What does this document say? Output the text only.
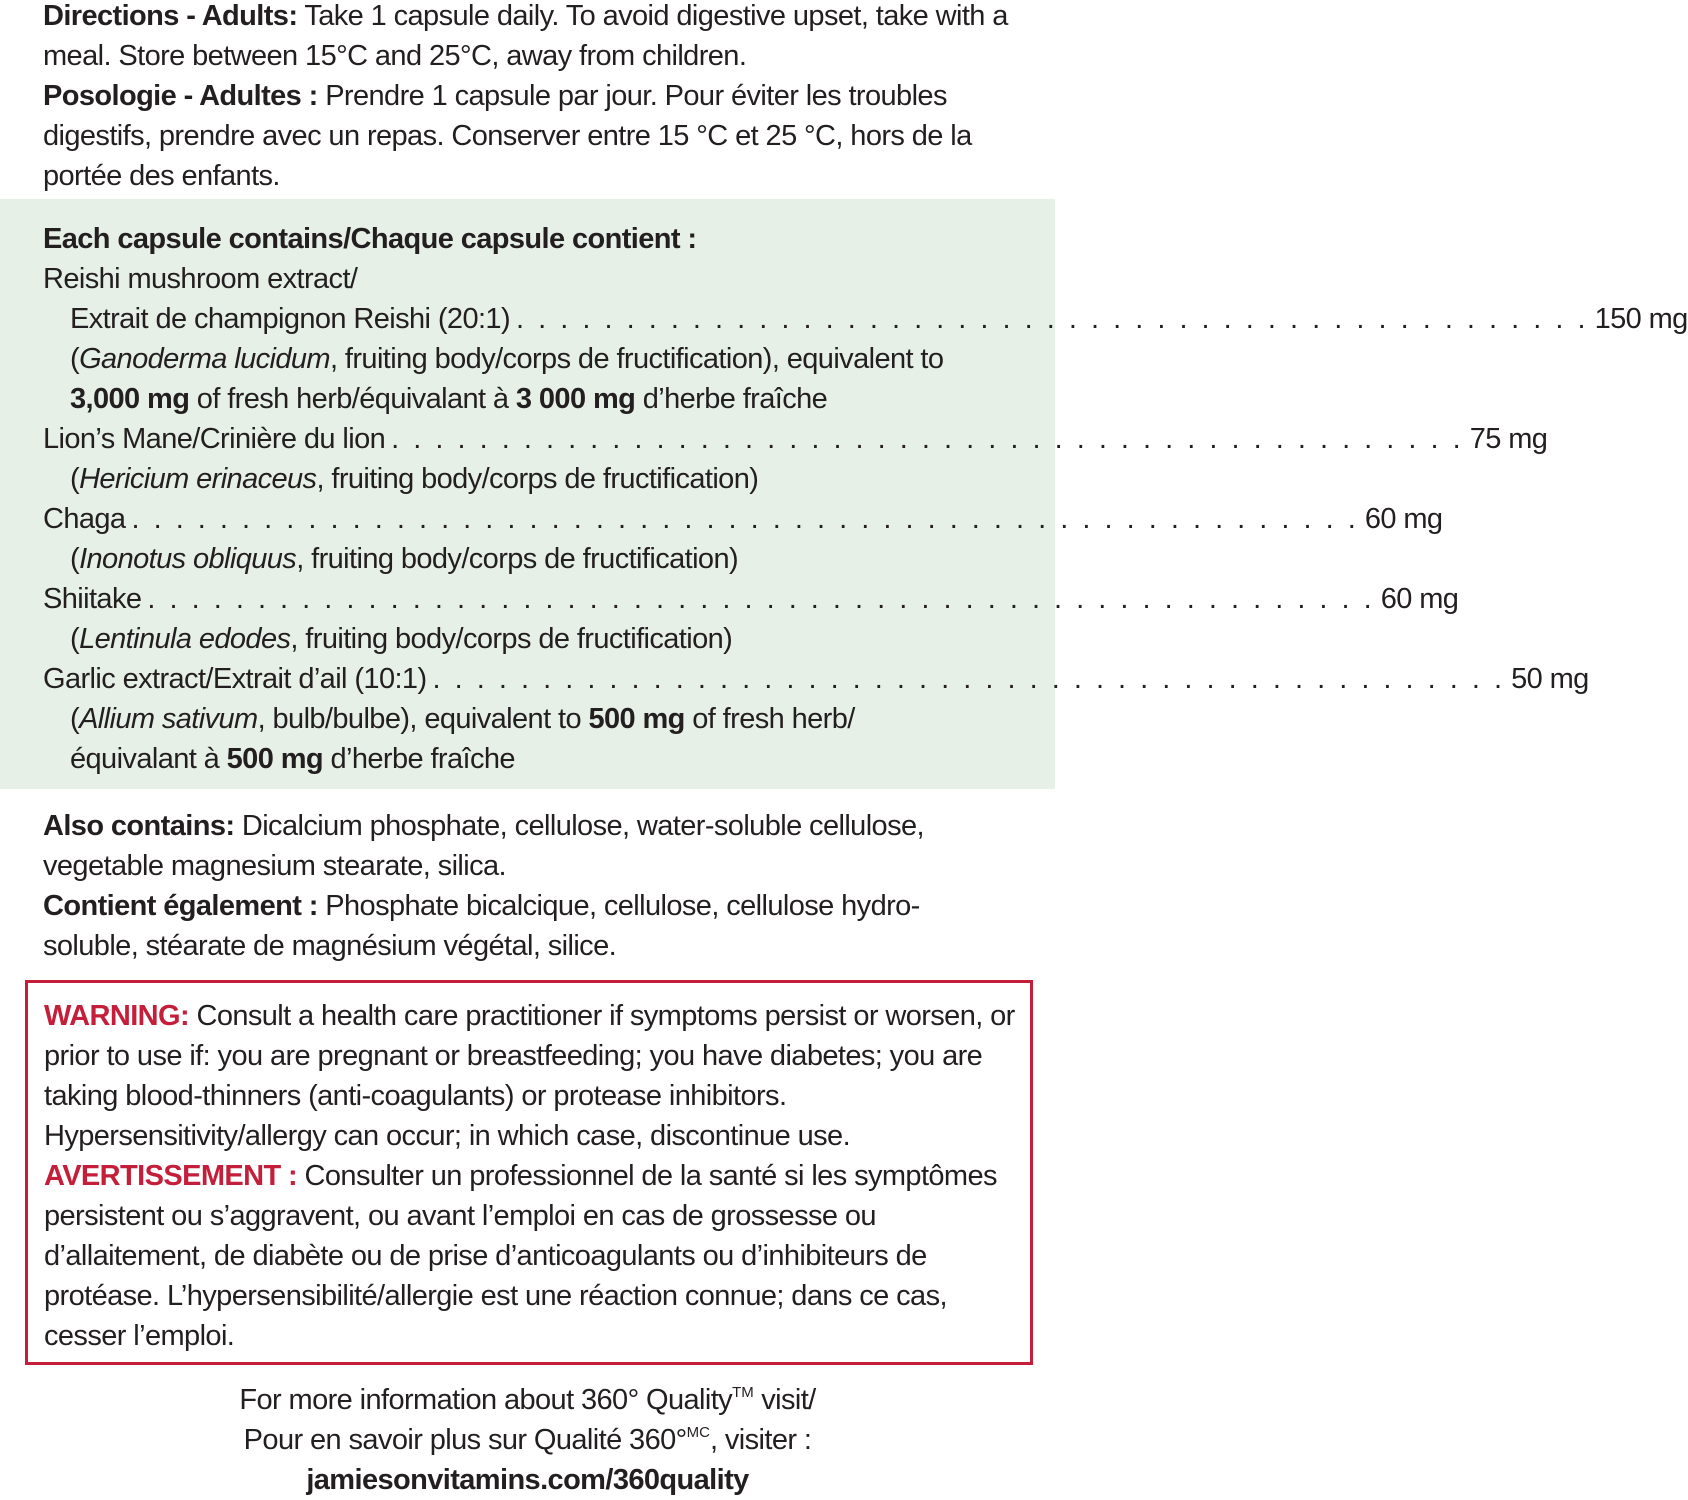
Directions - Adults: Take 1 capsule daily. To avoid digestive upset, take with a meal. Store between 15°C and 25°C, away from children.

Posologie - Adultes : Prendre 1 capsule par jour. Pour éviter les troubles digestifs, prendre avec un repas. Conserver entre 15 °C et 25 °C, hors de la portée des enfants.

Each capsule contains/Chaque capsule contient :
Reishi mushroom extract/
Extrait de champignon Reishi (20:1) . . . . . . . . . . . . . . . . . . . . . . . . . . . . . . . . . . . . . . . . . . . . . . . . . 150 mg
(Ganoderma lucidum, fruiting body/corps de fructification), equivalent to
3,000 mg of fresh herb/équivalant à 3 000 mg d’herbe fraîche
Lion’s Mane/Crinière du lion . . . . . . . . . . . . . . . . . . . . . . . . . . . . . . . . . . . . . . . . . . . . . . . . . 75 mg
(Hericium erinaceus, fruiting body/corps de fructification)
Chaga . . . . . . . . . . . . . . . . . . . . . . . . . . . . . . . . . . . . . . . . . . . . . . . . . . . . . . . . 60 mg
(Inonotus obliquus, fruiting body/corps de fructification)
Shiitake . . . . . . . . . . . . . . . . . . . . . . . . . . . . . . . . . . . . . . . . . . . . . . . . . . . . . . . . 60 mg
(Lentinula edodes, fruiting body/corps de fructification)
Garlic extract/Extrait d’ail (10:1) . . . . . . . . . . . . . . . . . . . . . . . . . . . . . . . . . . . . . . . . . . . . . . . . . 50 mg
(Allium sativum, bulb/bulbe), equivalent to 500 mg of fresh herb/
équivalant à 500 mg d’herbe fraîche

Also contains: Dicalcium phosphate, cellulose, water-soluble cellulose, vegetable magnesium stearate, silica.

Contient également : Phosphate bicalcique, cellulose, cellulose hydro-soluble, stéarate de magnésium végétal, silice.

WARNING: Consult a health care practitioner if symptoms persist or worsen, or prior to use if: you are pregnant or breastfeeding; you have diabetes; you are taking blood-thinners (anti-coagulants) or protease inhibitors. Hypersensitivity/allergy can occur; in which case, discontinue use.

AVERTISSEMENT : Consulter un professionnel de la santé si les symptômes persistent ou s’aggravent, ou avant l’emploi en cas de grossesse ou d’allaitement, de diabète ou de prise d’anticoagulants ou d’inhibiteurs de protéase. L’hypersensibilité/allergie est une réaction connue; dans ce cas, cesser l’emploi.

For more information about 360° Quality™ visit/
Pour en savoir plus sur Qualité 360°$^{MC}$, visiter :
jamiesonvitamins.com/360quality
